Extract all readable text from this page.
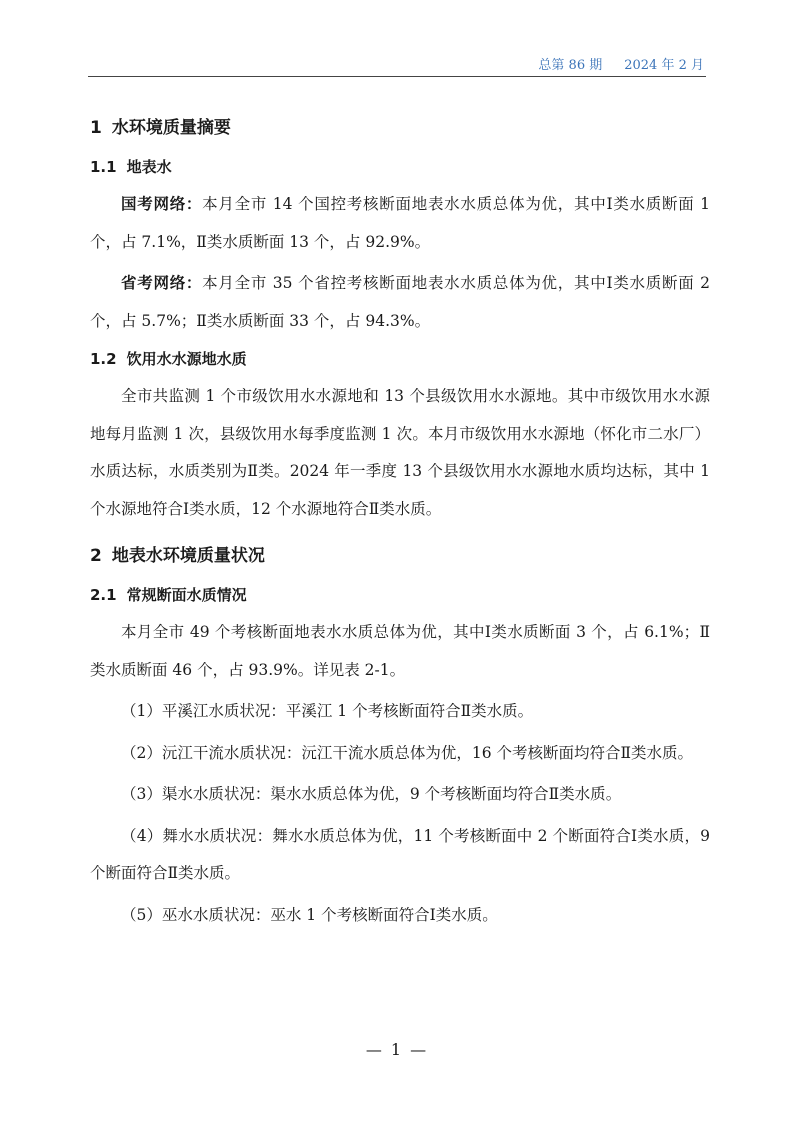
总第 86 期 2024 年 2 月
1 水环境质量摘要
1.1 地表水

国考网络：本月全市 14 个国控考核断面地表水水质总体为优，其中Ⅰ类水质断面 1 个，占 7.1%，Ⅱ类水质断面 13 个，占 92.9%。

省考网络：本月全市 35 个省控考核断面地表水水质总体为优，其中Ⅰ类水质断面 2 个，占 5.7%；Ⅱ类水质断面 33 个，占 94.3%。

1.2 饮用水水源地水质

全市共监测 1 个市级饮用水水源地和 13 个县级饮用水水源地。其中市级饮用水水源地每月监测 1 次，县级饮用水每季度监测 1 次。本月市级饮用水水源地（怀化市二水厂）水质达标，水质类别为Ⅱ类。2024 年一季度 13 个县级饮用水水源地水质均达标，其中 1 个水源地符合Ⅰ类水质，12 个水源地符合Ⅱ类水质。

2 地表水环境质量状况
2.1 常规断面水质情况

本月全市 49 个考核断面地表水水质总体为优，其中Ⅰ类水质断面 3 个，占 6.1%；Ⅱ类水质断面 46 个，占 93.9%。详见表 2-1。

（1）平溪江水质状况：平溪江 1 个考核断面符合Ⅱ类水质。

（2）沅江干流水质状况：沅江干流水质总体为优，16 个考核断面均符合Ⅱ类水质。

（3）渠水水质状况：渠水水质总体为优，9 个考核断面均符合Ⅱ类水质。

（4）舞水水质状况：舞水水质总体为优，11 个考核断面中 2 个断面符合Ⅰ类水质，9 个断面符合Ⅱ类水质。

（5）巫水水质状况：巫水 1 个考核断面符合Ⅰ类水质。

— 1 —
